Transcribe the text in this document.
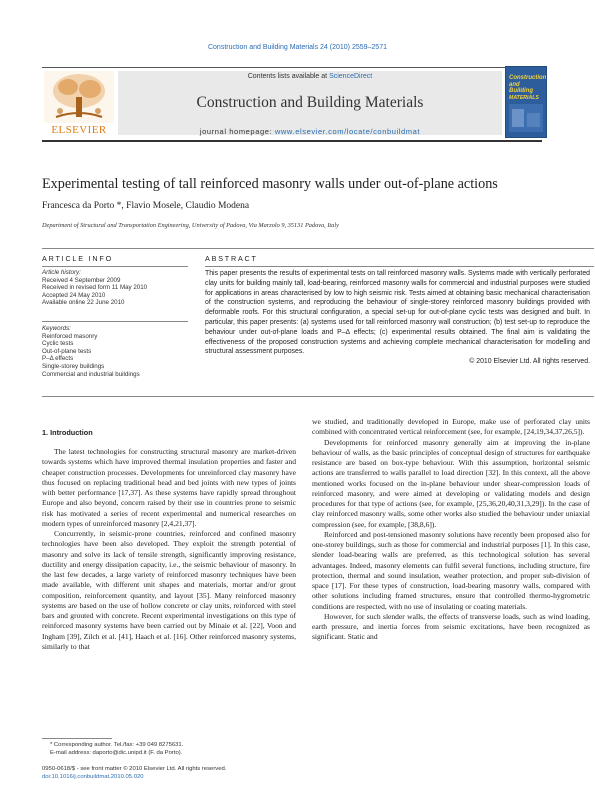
Construction and Building Materials 24 (2010) 2559–2571
ELSEVIER
Contents lists available at ScienceDirect
Construction and Building Materials
journal homepage: www.elsevier.com/locate/conbuildmat
Construction and Building
MATERIALS
Experimental testing of tall reinforced masonry walls under out-of-plane actions
Francesca da Porto *, Flavio Mosele, Claudio Modena
Department of Structural and Transportation Engineering, University of Padova, Via Marzolo 9, 35131 Padova, Italy
ARTICLE INFO
Article history:
Received 4 September 2009
Received in revised form 11 May 2010
Accepted 24 May 2010
Available online 22 June 2010
Keywords:
Reinforced masonry
Cyclic tests
Out-of-plane tests
P–Δ effects
Single-storey buildings
Commercial and industrial buildings
ABSTRACT
This paper presents the results of experimental tests on tall reinforced masonry walls. Systems made with vertically perforated clay units for building mainly tall, load-bearing, reinforced masonry walls for commercial and industrial purposes were studied for applications in areas characterised by low to high seismic risk. Tests aimed at obtaining basic mechanical characterisation of the construction systems, and reproducing the behaviour of single-storey reinforced masonry buildings provided with deformable roofs. For this structural configuration, a special set-up for out-of-plane cyclic tests was designed and built. In particular, this paper presents: (a) systems used for tall reinforced masonry wall construction; (b) test set-up to reproduce the behaviour under out-of-plane loads and P–Δ effects; (c) experimental results obtained. The final aim is validating the effectiveness of the proposed construction systems and achieving complete mechanical characterisation for modelling and structural assessment purposes.
© 2010 Elsevier Ltd. All rights reserved.
1. Introduction

The latest technologies for constructing structural masonry are market-driven towards systems which have improved thermal insulation properties and faster and cheaper construction processes. Developments for unreinforced clay masonry have thus focused on replacing traditional head and bed joints with new types of joints with better performance [17,37]. As these systems have rapidly spread throughout Europe and also beyond, concern raised by their use in countries prone to seismic risk has motivated a series of recent experimental and numerical researches on modern types of unreinforced masonry [2,4,21,37].

Concurrently, in seismic-prone countries, reinforced and confined masonry technologies have been also developed. They exploit the strength potential of masonry and solve its lack of tensile strength, significantly improving resistance, ductility and energy dissipation capacity, i.e., the seismic behaviour of masonry. In the last few decades, a large variety of reinforced masonry techniques have been made available, with different unit shapes and materials, mortar and/or grout composition, reinforcement quantity, and layout [35]. Many reinforced masonry systems are based on the use of hollow concrete or clay units, reinforced with steel bars and grouted with concrete. Recent experimental investigations on this type of reinforced masonry systems have been carried out by Minaie et al. [22], Voon and Ingham [39], Zilch et al. [41], Haach et al. [16]. Other reinforced masonry systems, similarly to that

we studied, and traditionally developed in Europe, make use of perforated clay units combined with concentrated vertical reinforcement (see, for example, [24,19,34,37,26,5]).

Developments for reinforced masonry generally aim at improving the in-plane behaviour of walls, as the basic principles of conceptual design of structures for earthquake resistance are based on box-type behaviour. With this assumption, horizontal seismic actions are transferred to walls parallel to load direction [32]. In this context, all the above mentioned works focused on the in-plane behaviour under shear-compression loads of reinforced masonry, and were aimed at developing or validating models and design procedures for that type of actions (see, for example, [25,36,20,40,31,3,29]). In the case of clay reinforced masonry walls, some other works also studied the behaviour under uniaxial compression (see, for example, [38,8,6]).

Reinforced and post-tensioned masonry solutions have recently been proposed also for one-storey buildings, such as those for commercial and industrial purposes [1]. In this case, slender load-bearing walls are preferred, as this technological solution has several advantages. Indeed, masonry elements can fulfil several functions, including structure, fire protection, thermal and sound insulation, weather protection, and proper sub-division of space [17]. For these types of construction, load-bearing masonry walls, compared with other solutions including framed structures, ensure that controlled thermo-hygrometric conditions are respected, with no use of insulating or coating materials.

However, for such slender walls, the effects of transverse loads, such as wind loading, earth pressure, and inertia forces from seismic excitations, have been recognized as significant. Static and

* Corresponding author. Tel./fax: +39 049 8275631.
E-mail address: daporto@dic.unipd.it (F. da Porto).
0950-0618/$ - see front matter © 2010 Elsevier Ltd. All rights reserved.
doi:10.1016/j.conbuildmat.2010.05.020
